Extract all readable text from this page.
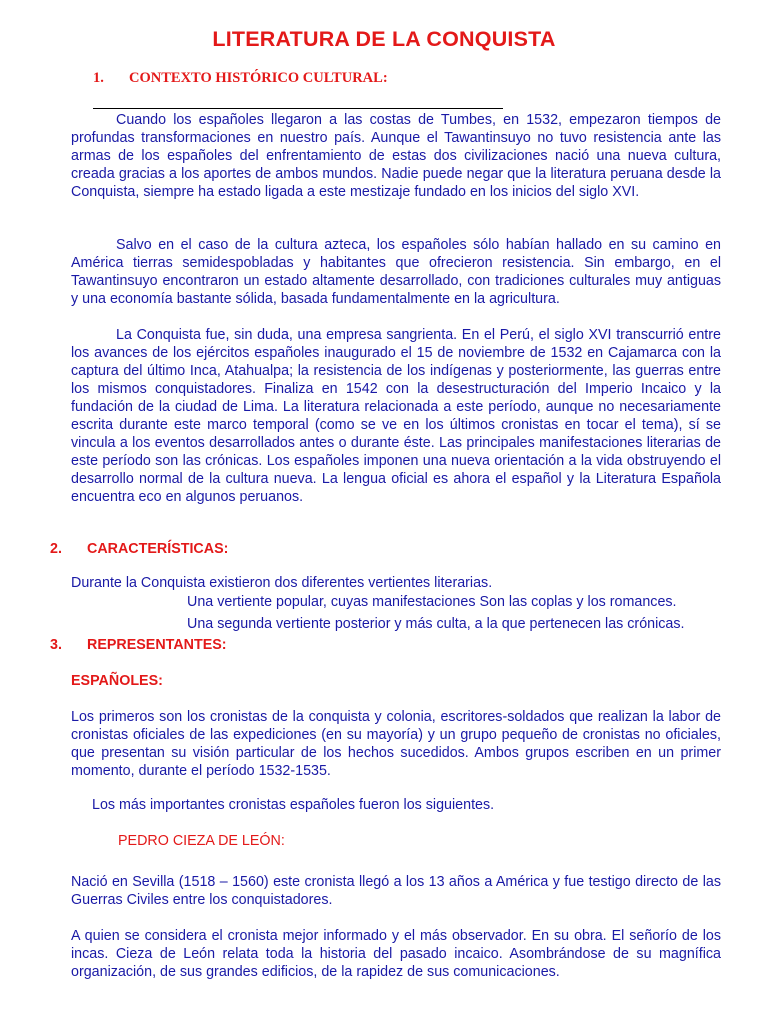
LITERATURA DE LA CONQUISTA
1. CONTEXTO HISTÓRICO CULTURAL:

Cuando los españoles llegaron a las costas de Tumbes, en 1532, empezaron tiempos de profundas transformaciones en nuestro país. Aunque el Tawantinsuyo no tuvo resistencia ante las armas de los españoles del enfrentamiento de estas dos civilizaciones nació una nueva cultura, creada gracias a los aportes de ambos mundos. Nadie puede negar que la literatura peruana desde la Conquista, siempre ha estado ligada a este mestizaje fundado en los inicios del siglo XVI.

Salvo en el caso de la cultura azteca, los españoles sólo habían hallado en su camino en América tierras semidespobladas y habitantes que ofrecieron resistencia. Sin embargo, en el Tawantinsuyo encontraron un estado altamente desarrollado, con tradiciones culturales muy antiguas y una economía bastante sólida, basada fundamentalmente en la agricultura.

La Conquista fue, sin duda, una empresa sangrienta. En el Perú, el siglo XVI transcurrió entre los avances de los ejércitos españoles inaugurado el 15 de noviembre de 1532 en Cajamarca con la captura del último Inca, Atahualpa; la resistencia de los indígenas y posteriormente, las guerras entre los mismos conquistadores. Finaliza en 1542 con la desestructuración del Imperio Incaico y la fundación de la ciudad de Lima. La literatura relacionada a este período, aunque no necesariamente escrita durante este marco temporal (como se ve en los últimos cronistas en tocar el tema), sí se vincula a los eventos desarrollados antes o durante éste. Las principales manifestaciones literarias de este período son las crónicas. Los españoles imponen una nueva orientación a la vida obstruyendo el desarrollo normal de la cultura nueva. La lengua oficial es ahora el español y la Literatura Española encuentra eco en algunos peruanos.

2. CARACTERÍSTICAS:
Durante la Conquista existieron dos diferentes vertientes literarias.
Una vertiente popular, cuyas manifestaciones Son las coplas y los romances.
Una segunda vertiente posterior y más culta, a la que pertenecen las crónicas.
3. REPRESENTANTES:
ESPAÑOLES:

Los primeros son los cronistas de la conquista y colonia, escritores-soldados que realizan la labor de cronistas oficiales de las expediciones (en su mayoría) y un grupo pequeño de cronistas no oficiales, que presentan su visión particular de los hechos sucedidos. Ambos grupos escriben en un primer momento, durante el período 1532-1535.

Los más importantes cronistas españoles fueron los siguientes.
PEDRO CIEZA DE LEÓN:

Nació en Sevilla (1518 – 1560) este cronista llegó a los 13 años a América y fue testigo directo de las Guerras Civiles entre los conquistadores.

A quien se considera el cronista mejor informado y el más observador. En su obra. El señorío de los incas. Cieza de León relata toda la historia del pasado incaico. Asombrándose de su magnífica organización, de sus grandes edificios, de la rapidez de sus comunicaciones.
